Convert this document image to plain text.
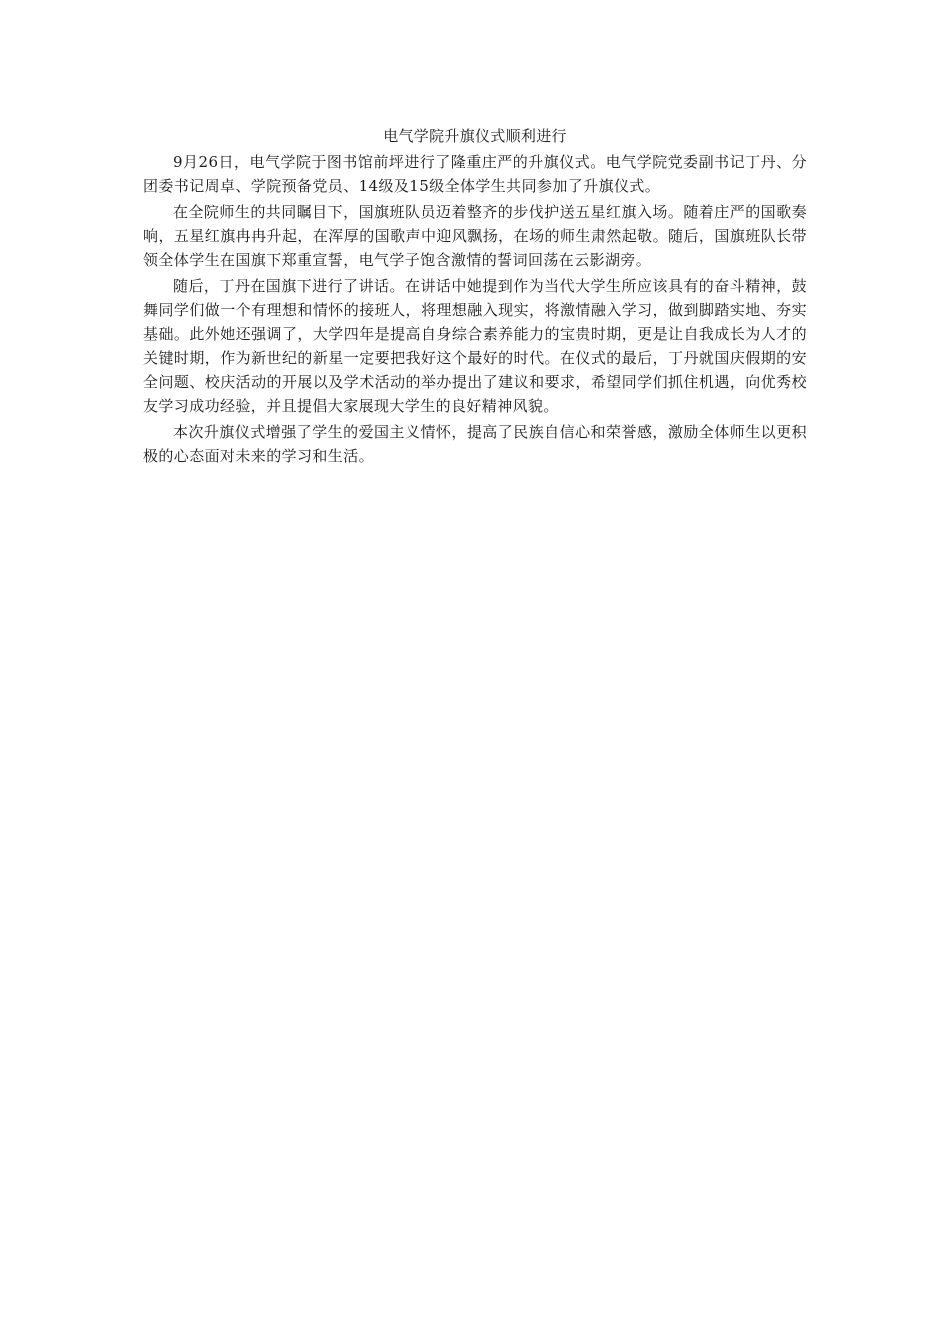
电气学院升旗仪式顺利进行

9月26日，电气学院于图书馆前坪进行了隆重庄严的升旗仪式。电气学院党委副书记丁丹、分团委书记周卓、学院预备党员、14级及15级全体学生共同参加了升旗仪式。

在全院师生的共同瞩目下，国旗班队员迈着整齐的步伐护送五星红旗入场。随着庄严的国歌奏响，五星红旗冉冉升起，在浑厚的国歌声中迎风飘扬，在场的师生肃然起敬。随后，国旗班队长带领全体学生在国旗下郑重宣誓，电气学子饱含激情的誓词回荡在云影湖旁。

随后，丁丹在国旗下进行了讲话。在讲话中她提到作为当代大学生所应该具有的奋斗精神，鼓舞同学们做一个有理想和情怀的接班人，将理想融入现实，将激情融入学习，做到脚踏实地、夯实基础。此外她还强调了，大学四年是提高自身综合素养能力的宝贵时期，更是让自我成长为人才的关键时期，作为新世纪的新星一定要把我好这个最好的时代。在仪式的最后，丁丹就国庆假期的安全问题、校庆活动的开展以及学术活动的举办提出了建议和要求，希望同学们抓住机遇，向优秀校友学习成功经验，并且提倡大家展现大学生的良好精神风貌。

本次升旗仪式增强了学生的爱国主义情怀，提高了民族自信心和荣誉感，激励全体师生以更积极的心态面对未来的学习和生活。
